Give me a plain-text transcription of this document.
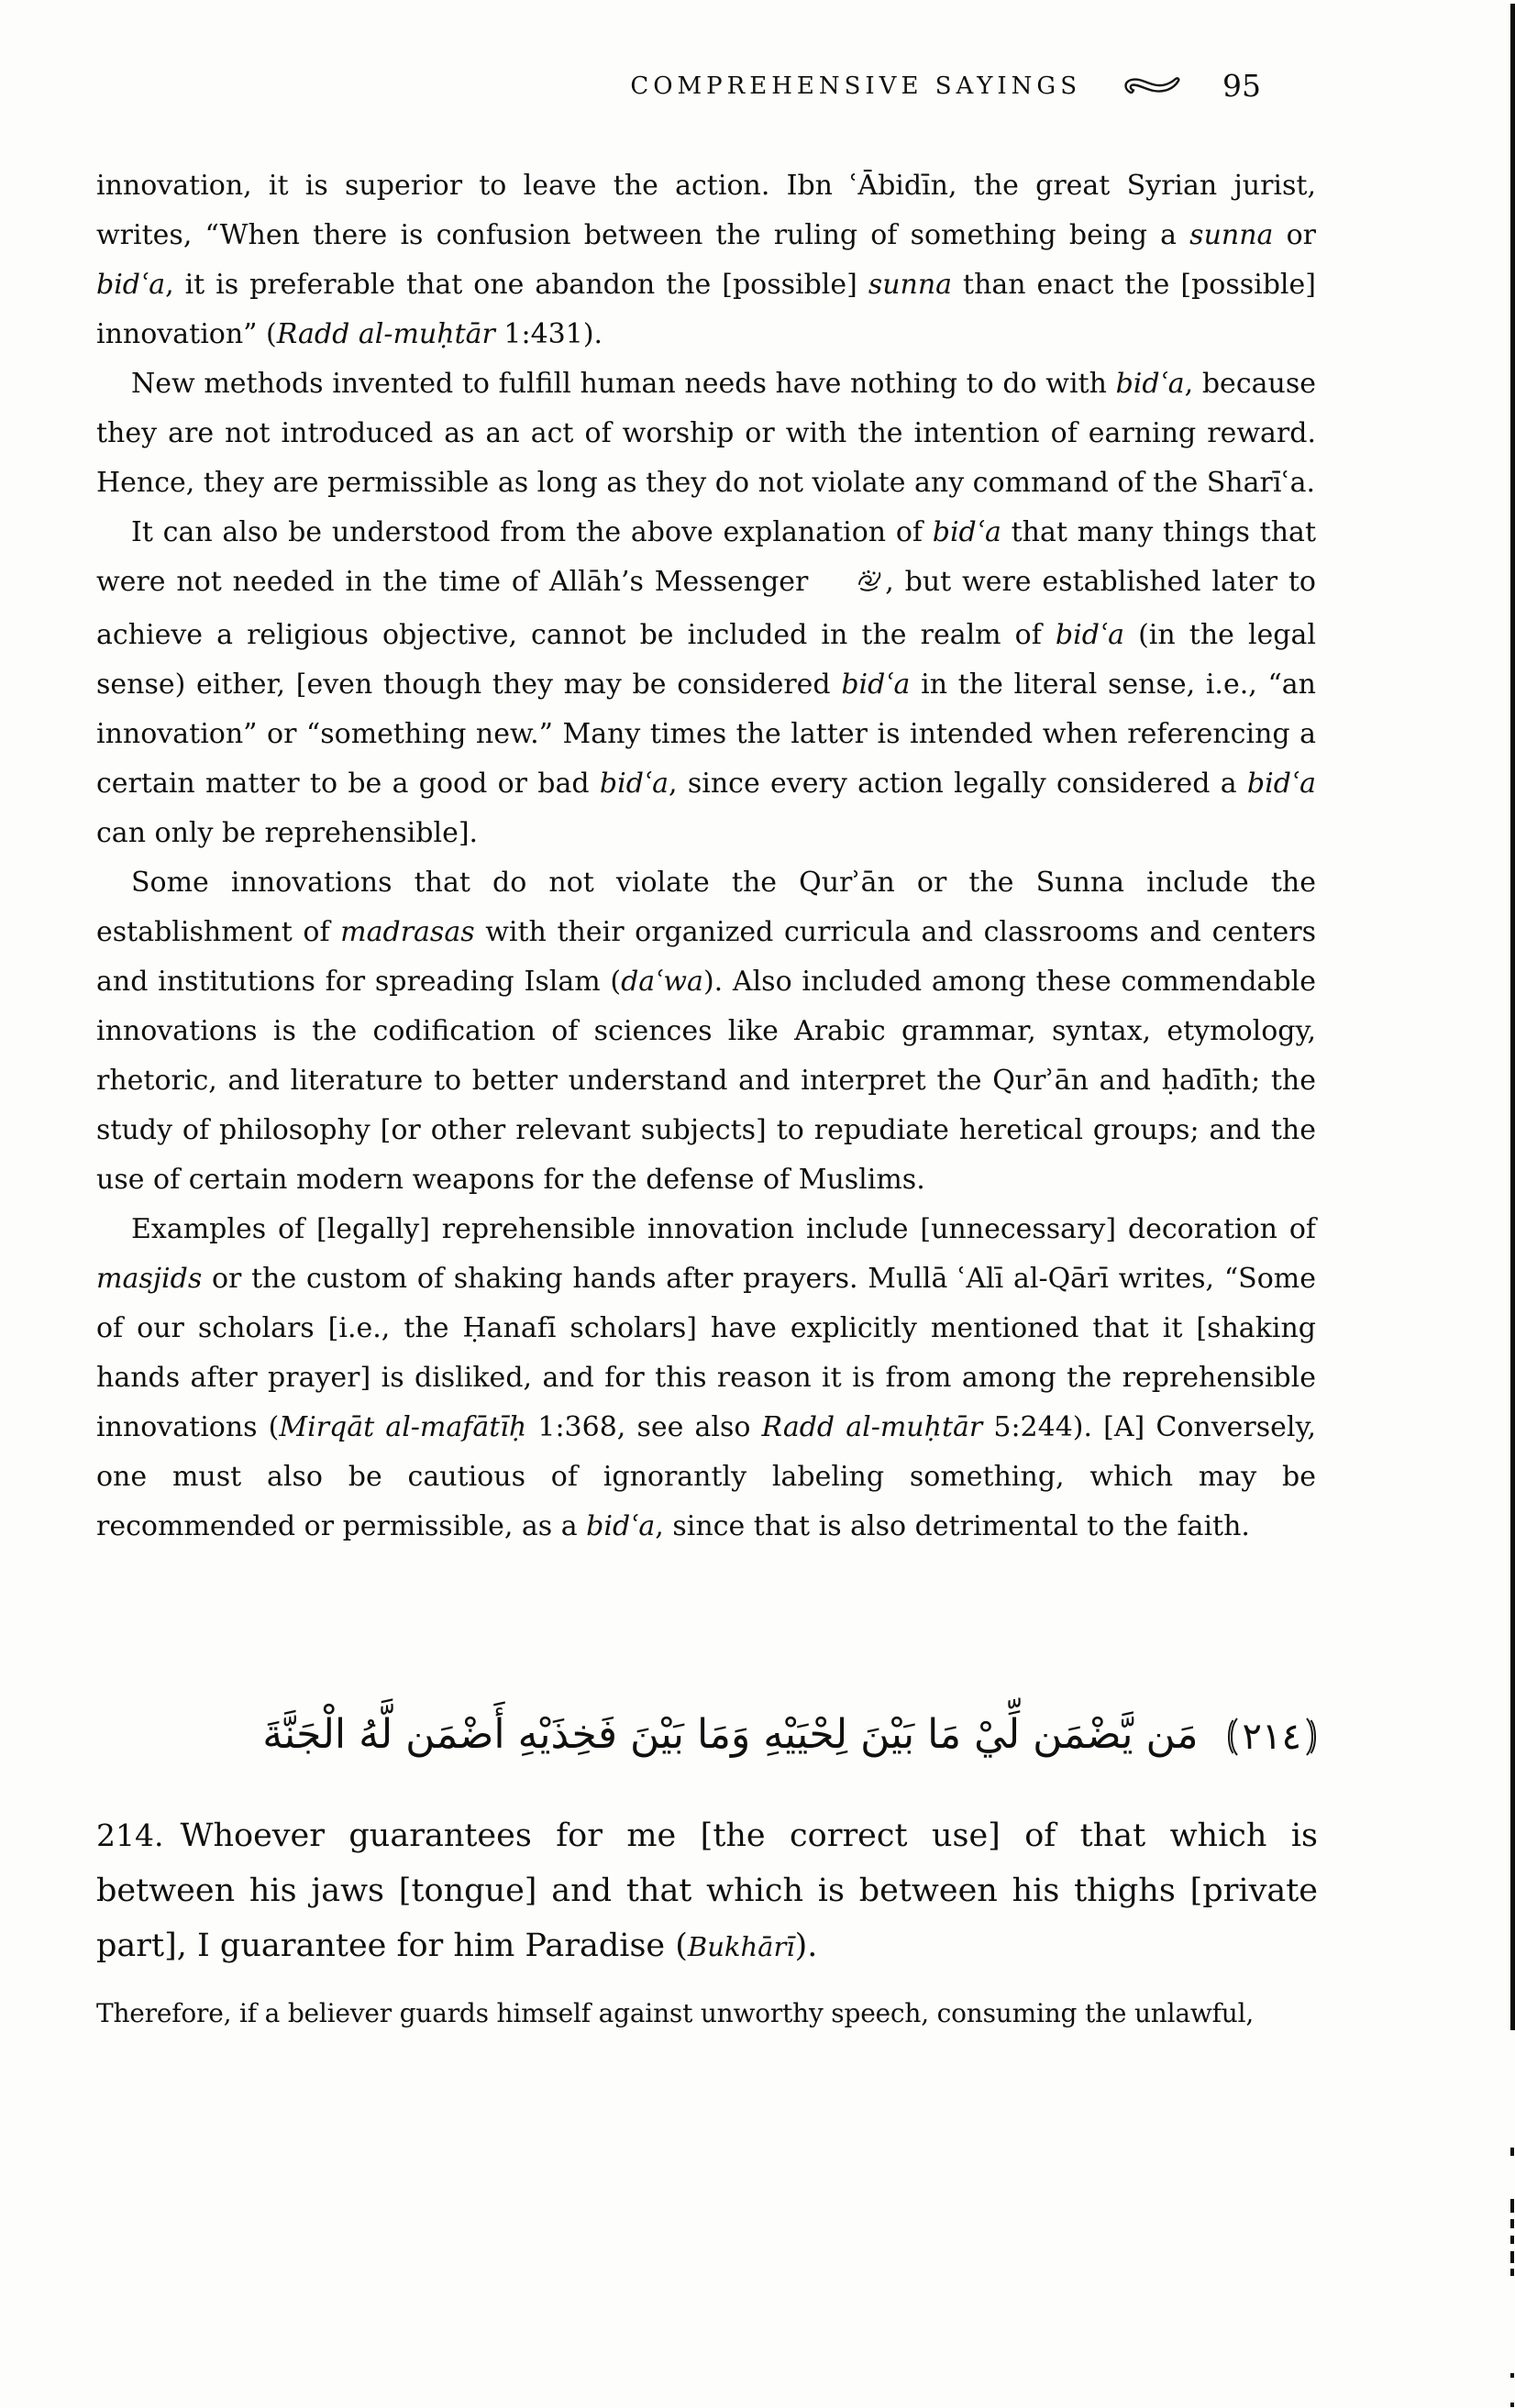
COMPREHENSIVE SAYINGS	95

innovation, it is superior to leave the action. Ibn ʿĀbidīn, the great Syrian jurist, writes, “When there is confusion between the ruling of something being a sunna or bidʿa, it is preferable that one abandon the [possible] sunna than enact the [possible] innovation” (Radd al-muḥtār 1:431).

New methods invented to fulfill human needs have nothing to do with bidʿa, because they are not introduced as an act of worship or with the intention of earning reward. Hence, they are permissible as long as they do not violate any command of the Sharīʿa.

It can also be understood from the above explanation of bidʿa that many things that were not needed in the time of Allāh’s Messenger , but were established later to achieve a religious objective, cannot be included in the realm of bidʿa (in the legal sense) either, [even though they may be considered bidʿa in the literal sense, i.e., “an innovation” or “something new.” Many times the latter is intended when referencing a certain matter to be a good or bad bidʿa, since every action legally considered a bidʿa can only be reprehensible].

Some innovations that do not violate the Qurʾān or the Sunna include the establishment of madrasas with their organized curricula and classrooms and centers and institutions for spreading Islam (daʿwa). Also included among these commendable innovations is the codification of sciences like Arabic grammar, syntax, etymology, rhetoric, and literature to better understand and interpret the Qurʾān and ḥadīth; the study of philosophy [or other relevant subjects] to repudiate heretical groups; and the use of certain modern weapons for the defense of Muslims.

Examples of [legally] reprehensible innovation include [unnecessary] decoration of masjids or the custom of shaking hands after prayers. Mullā ʿAlī al-Qārī writes, “Some of our scholars [i.e., the Ḥanafī scholars] have explicitly mentioned that it [shaking hands after prayer] is disliked, and for this reason it is from among the reprehensible innovations (Mirqāt al-mafātīḥ 1:368, see also Radd al-muḥtār 5:244). [A] Conversely, one must also be cautious of ignorantly labeling something, which may be recommended or permissible, as a bidʿa, since that is also detrimental to the faith.

٢١٤
مَن يَّضْمَن لِّيْ مَا بَيْنَ لِحْيَيْهِ وَمَا بَيْنَ فَخِذَيْهِ أَضْمَن لَّهُ الْجَنَّةَ

214. Whoever guarantees for me [the correct use] of that which is between his jaws [tongue] and that which is between his thighs [private part], I guarantee for him Paradise (Bukhārī).

Therefore, if a believer guards himself against unworthy speech, consuming the unlawful,
